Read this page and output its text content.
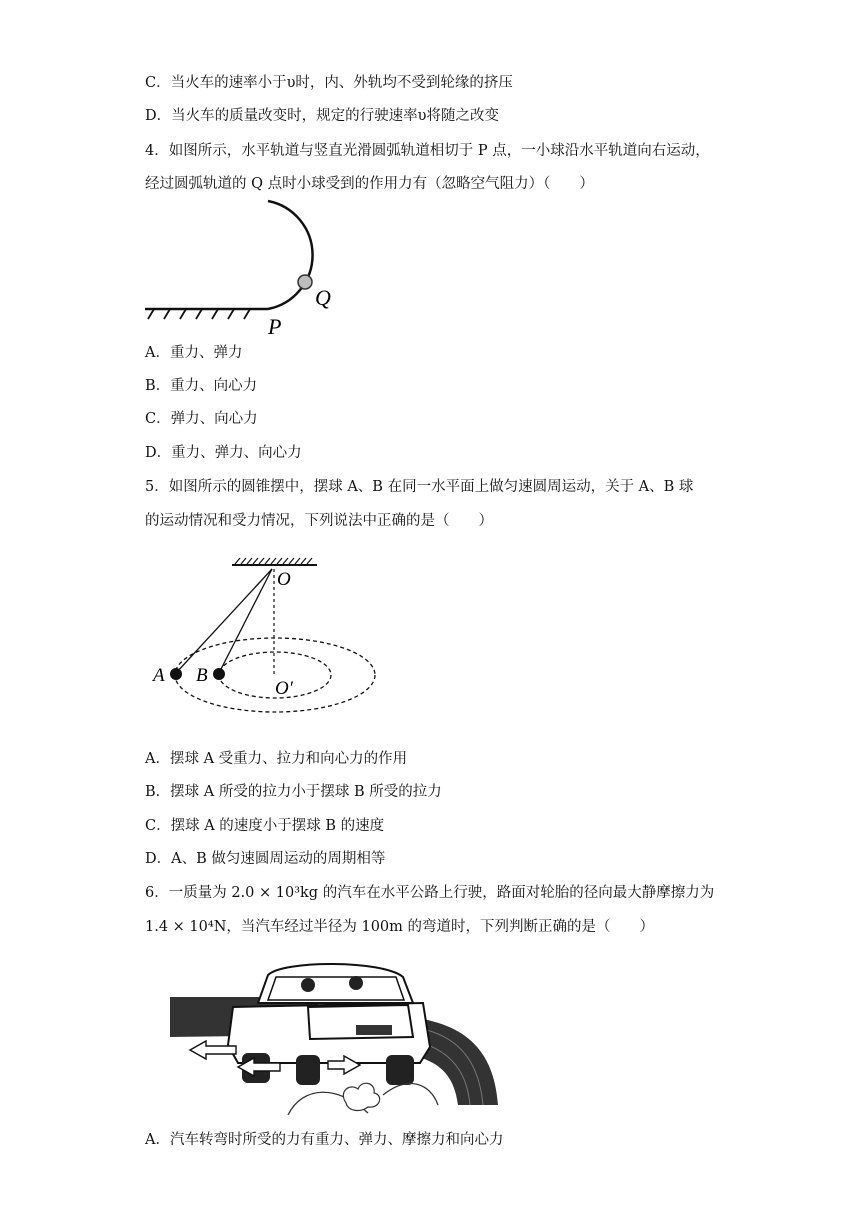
C．当火车的速率小于υ时，内、外轨均不受到轮缘的挤压
D．当火车的质量改变时，规定的行驶速率υ将随之改变
4．如图所示，水平轨道与竖直光滑圆弧轨道相切于 P 点，一小球沿水平轨道向右运动，
经过圆弧轨道的 Q 点时小球受到的作用力有（忽略空气阻力）（　　）
P
Q
A．重力、弹力
B．重力、向心力
C．弹力、向心力
D．重力、弹力、向心力
5．如图所示的圆锥摆中，摆球 A、B 在同一水平面上做匀速圆周运动，关于 A、B 球
的运动情况和受力情况，下列说法中正确的是（　　）
O
A B
O′
A．摆球 A 受重力、拉力和向心力的作用
B．摆球 A 所受的拉力小于摆球 B 所受的拉力
C．摆球 A 的速度小于摆球 B 的速度
D．A、B 做匀速圆周运动的周期相等
6．一质量为 2.0 × 10³kg 的汽车在水平公路上行驶，路面对轮胎的径向最大静摩擦力为
1.4 × 10⁴N，当汽车经过半径为 100m 的弯道时，下列判断正确的是（　　）
A．汽车转弯时所受的力有重力、弹力、摩擦力和向心力
